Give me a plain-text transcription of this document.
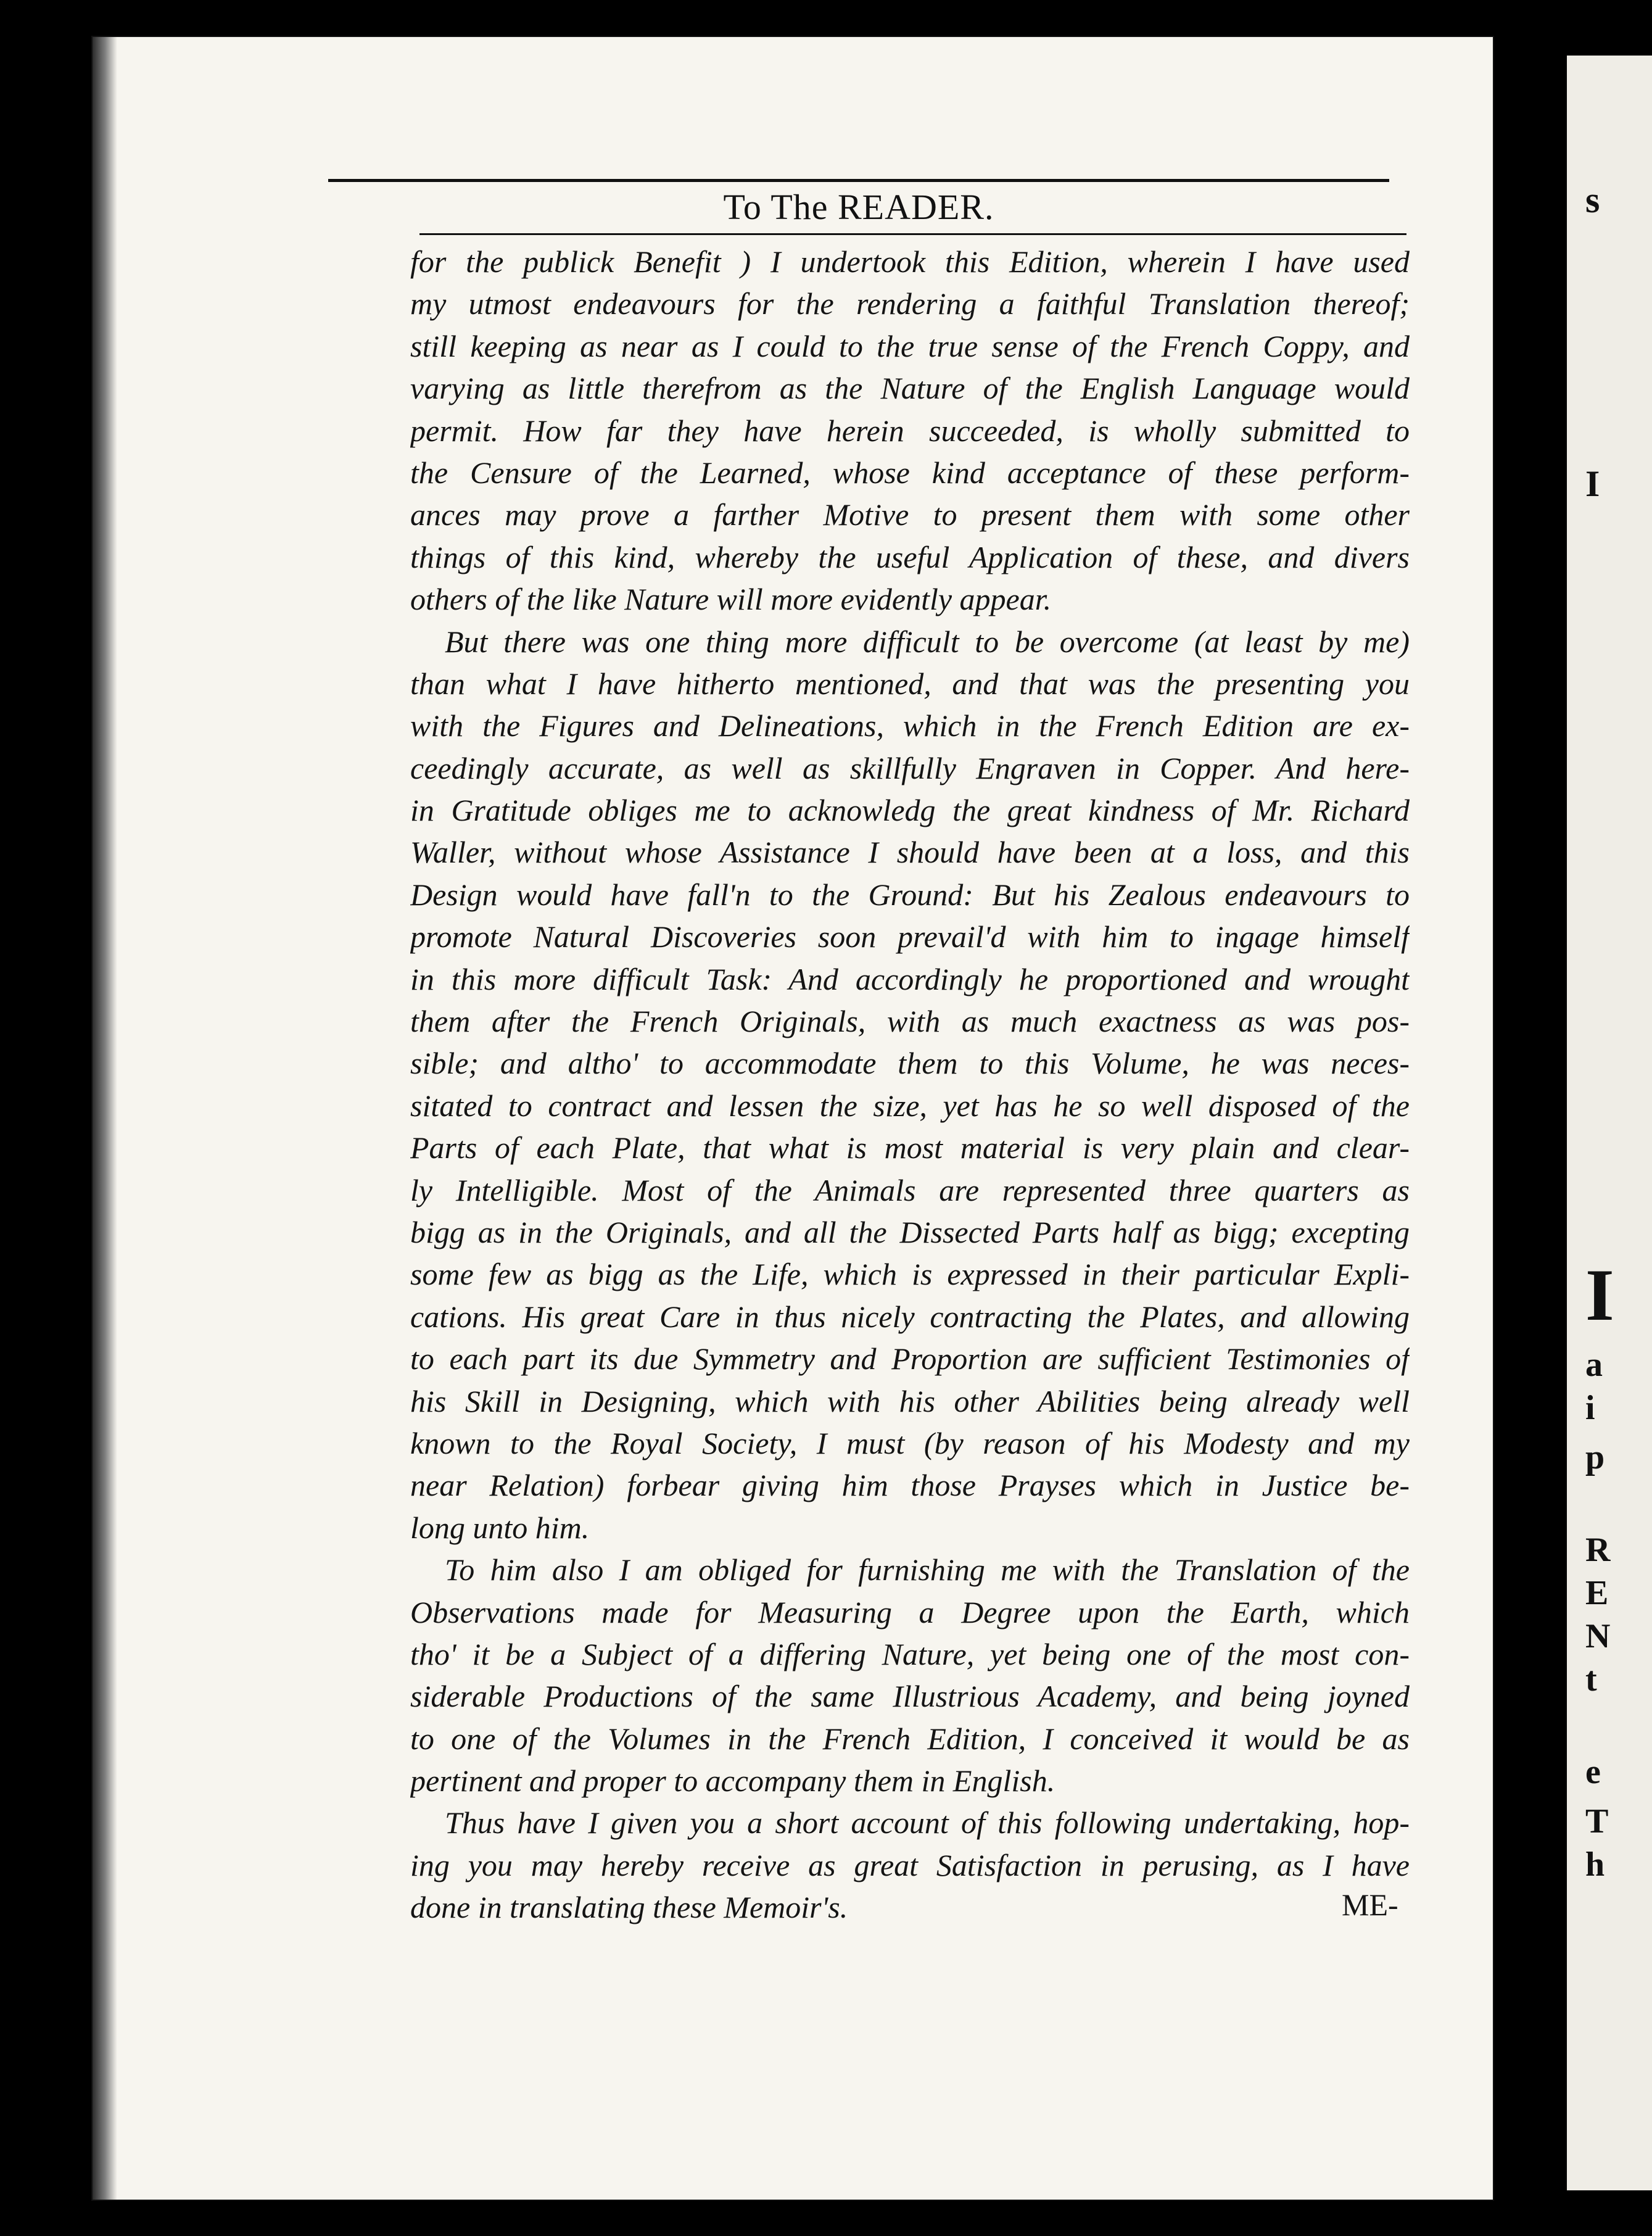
s
I
I
a
i
p
R
E
N
t
e
T
h
To The READER.
for the publick Benefit ) I undertook this Edition, wherein I have used
my utmost endeavours for the rendering a faithful Translation thereof;
still keeping as near as I could to the true sense of the French Coppy, and
varying as little therefrom as the Nature of the English Language would
permit. How far they have herein succeeded, is wholly submitted to
the Censure of the Learned, whose kind acceptance of these perform-
ances may prove a farther Motive to present them with some other
things of this kind, whereby the useful Application of these, and divers
others of the like Nature will more evidently appear.
But there was one thing more difficult to be overcome (at least by me)
than what I have hitherto mentioned, and that was the presenting you
with the Figures and Delineations, which in the French Edition are ex-
ceedingly accurate, as well as skillfully Engraven in Copper. And here-
in Gratitude obliges me to acknowledg the great kindness of Mr. Richard
Waller, without whose Assistance I should have been at a loss, and this
Design would have fall'n to the Ground: But his Zealous endeavours to
promote Natural Discoveries soon prevail'd with him to ingage himself
in this more difficult Task: And accordingly he proportioned and wrought
them after the French Originals, with as much exactness as was pos-
sible; and altho' to accommodate them to this Volume, he was neces-
sitated to contract and lessen the size, yet has he so well disposed of the
Parts of each Plate, that what is most material is very plain and clear-
ly Intelligible. Most of the Animals are represented three quarters as
bigg as in the Originals, and all the Dissected Parts half as bigg; excepting
some few as bigg as the Life, which is expressed in their particular Expli-
cations. His great Care in thus nicely contracting the Plates, and allowing
to each part its due Symmetry and Proportion are sufficient Testimonies of
his Skill in Designing, which with his other Abilities being already well
known to the Royal Society, I must (by reason of his Modesty and my
near Relation) forbear giving him those Prayses which in Justice be-
long unto him.
To him also I am obliged for furnishing me with the Translation of the
Observations made for Measuring a Degree upon the Earth, which
tho' it be a Subject of a differing Nature, yet being one of the most con-
siderable Productions of the same Illustrious Academy, and being joyned
to one of the Volumes in the French Edition, I conceived it would be as
pertinent and proper to accompany them in English.
Thus have I given you a short account of this following undertaking, hop-
ing you may hereby receive as great Satisfaction in perusing, as I have
done in translating these Memoir's.	ME-
